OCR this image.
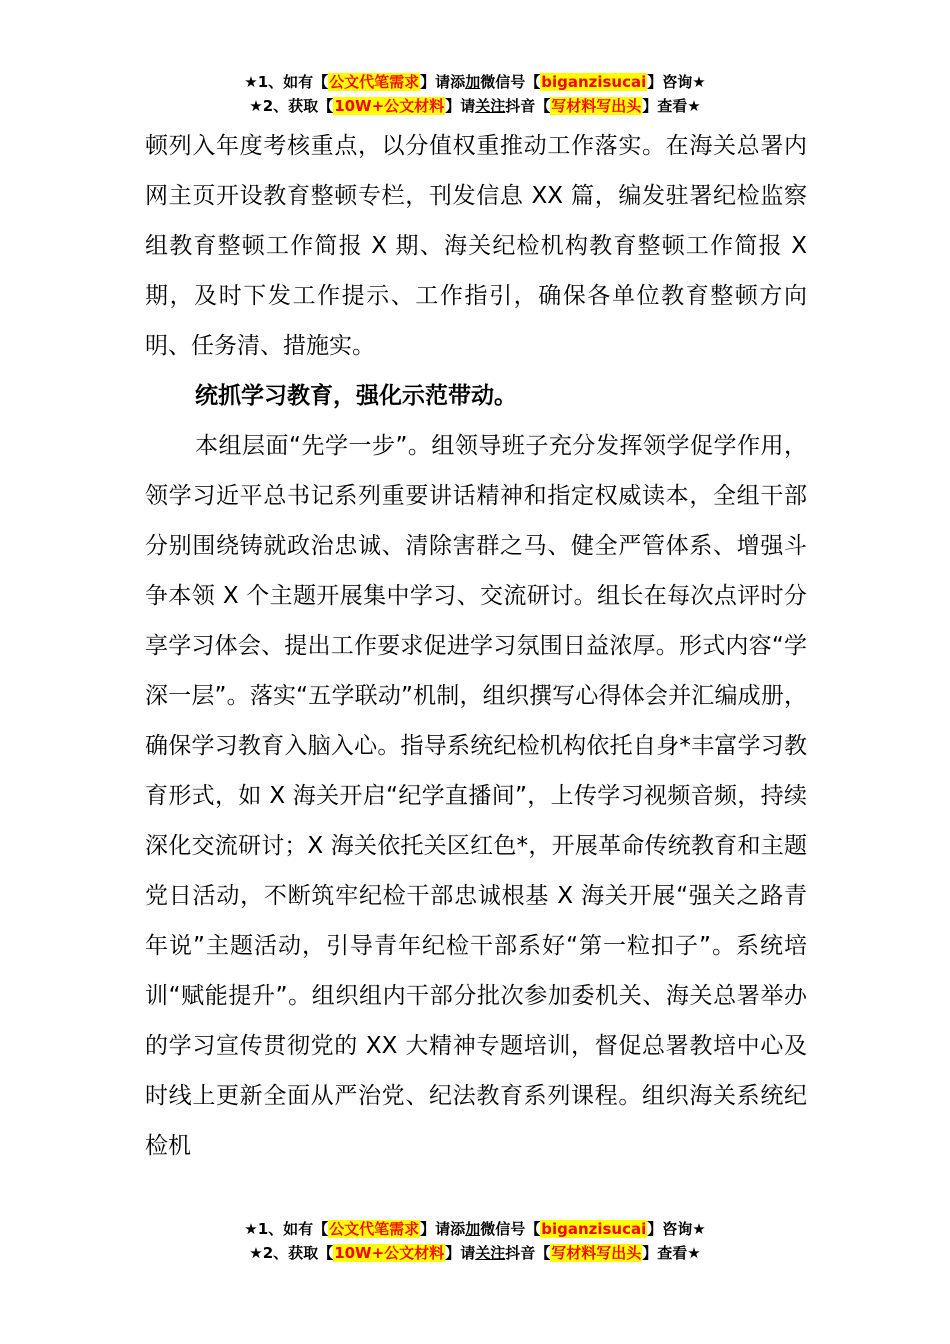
★1、如有【公文代笔需求】请添加微信号【biganzisucai】咨询★
★2、获取【10W+公文材料】请关注抖音【写材料写出头】查看★

顿列入年度考核重点，以分值权重推动工作落实。在海关总署内网主页开设教育整顿专栏，刊发信息 XX 篇，编发驻署纪检监察组教育整顿工作简报 X 期、海关纪检机构教育整顿工作简报 X 期，及时下发工作提示、工作指引，确保各单位教育整顿方向明、任务清、措施实。

统抓学习教育，强化示范带动。

本组层面“先学一步”。组领导班子充分发挥领学促学作用，领学习近平总书记系列重要讲话精神和指定权威读本，全组干部分别围绕铸就政治忠诚、清除害群之马、健全严管体系、增强斗争本领 X 个主题开展集中学习、交流研讨。组长在每次点评时分享学习体会、提出工作要求促进学习氛围日益浓厚。形式内容“学深一层”。落实“五学联动”机制，组织撰写心得体会并汇编成册，确保学习教育入脑入心。指导系统纪检机构依托自身*丰富学习教育形式，如 X 海关开启“纪学直播间”，上传学习视频音频，持续深化交流研讨；X 海关依托关区红色*，开展革命传统教育和主题党日活动，不断筑牢纪检干部忠诚根基 X 海关开展“强关之路青年说”主题活动，引导青年纪检干部系好“第一粒扣子”。系统培训“赋能提升”。组织组内干部分批次参加委机关、海关总署举办的学习宣传贯彻党的 XX 大精神专题培训，督促总署教培中心及时线上更新全面从严治党、纪法教育系列课程。组织海关系统纪检机

★1、如有【公文代笔需求】请添加微信号【biganzisucai】咨询★
★2、获取【10W+公文材料】请关注抖音【写材料写出头】查看★
